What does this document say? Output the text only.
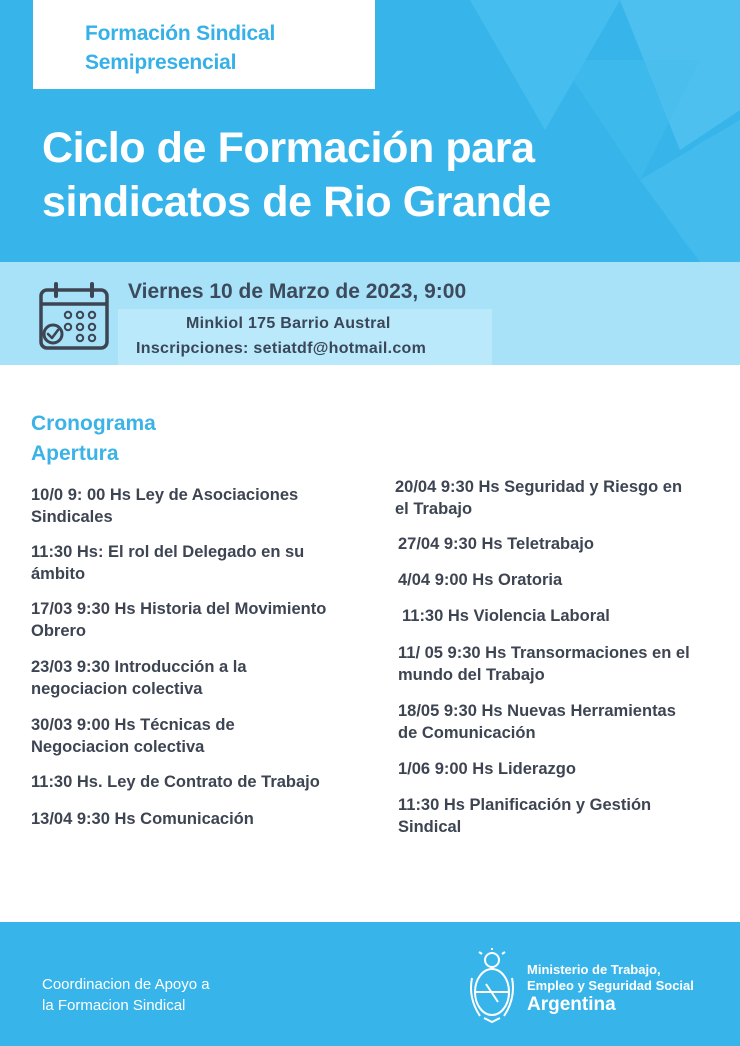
Formación Sindical
Semipresencial
Ciclo de Formación para
sindicatos de Rio Grande
Viernes 10 de Marzo de 2023, 9:00
Minkiol 175 Barrio Austral
Inscripciones: setiatdf@hotmail.com
Cronograma
Apertura
10/0 9: 00 Hs Ley de Asociaciones
Sindicales
11:30 Hs: El rol del Delegado en su
ámbito
17/03 9:30 Hs Historia del Movimiento
Obrero
23/03 9:30 Introducción a la
negociacion colectiva
30/03 9:00 Hs Técnicas de
Negociacion colectiva
11:30 Hs. Ley de Contrato de Trabajo
13/04 9:30 Hs Comunicación
20/04 9:30 Hs Seguridad y Riesgo en
el Trabajo
27/04 9:30 Hs Teletrabajo
4/04 9:00 Hs Oratoria
11:30 Hs Violencia Laboral
11/ 05 9:30 Hs Transormaciones en el
mundo del Trabajo
18/05 9:30 Hs Nuevas Herramientas
de Comunicación
1/06 9:00 Hs Liderazgo
11:30 Hs Planificación y Gestión
Sindical
Coordinacion de Apoyo a
la Formacion Sindical
Ministerio de Trabajo,
Empleo y Seguridad Social
Argentina
